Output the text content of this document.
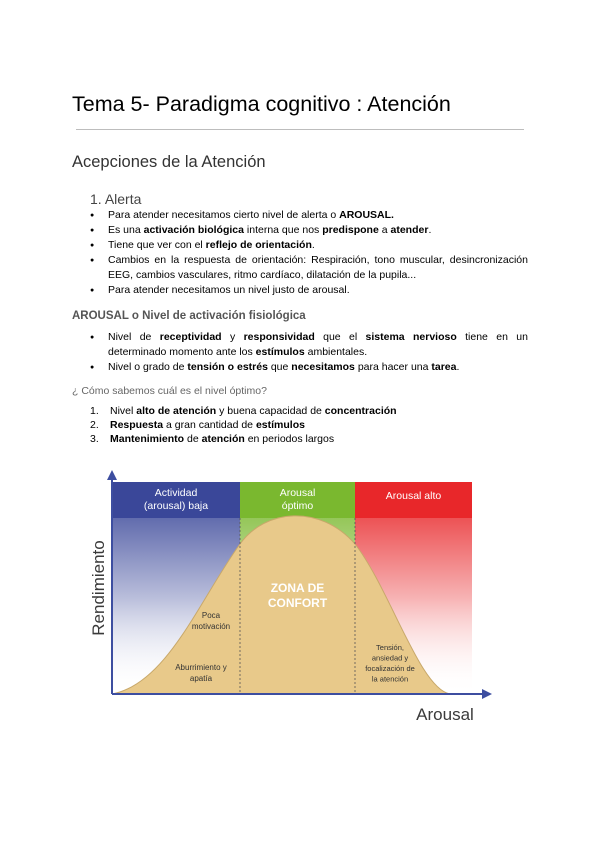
Tema 5- Paradigma cognitivo : Atención
Acepciones de la Atención
1. Alerta
● Para atender necesitamos cierto nivel de alerta o AROUSAL.
● Es una activación biológica interna que nos predispone a atender.
● Tiene que ver con el reflejo de orientación.
● Cambios en la respuesta de orientación: Respiración, tono muscular, desincronización EEG, cambios vasculares, ritmo cardíaco, dilatación de la pupila...
● Para atender necesitamos un nivel justo de arousal.
AROUSAL o Nivel de activación fisiológica
● Nivel de receptividad y responsividad que el sistema nervioso tiene en un determinado momento ante los estímulos ambientales.
● Nivel o grado de tensión o estrés que necesitamos para hacer una tarea.
¿ Cómo sabemos cuál es el nivel óptimo?
1. Nivel alto de atención y buena capacidad de concentración
2. Respuesta a gran cantidad de estímulos
3. Mantenimiento de atención en periodos largos
Actividad (arousal) baja
Arousal óptimo
Arousal alto
ZONA DE CONFORT
Poca motivación
Aburrimiento y apatía
Tensión, ansiedad y focalización de la atención
Arousal
Rendimiento
